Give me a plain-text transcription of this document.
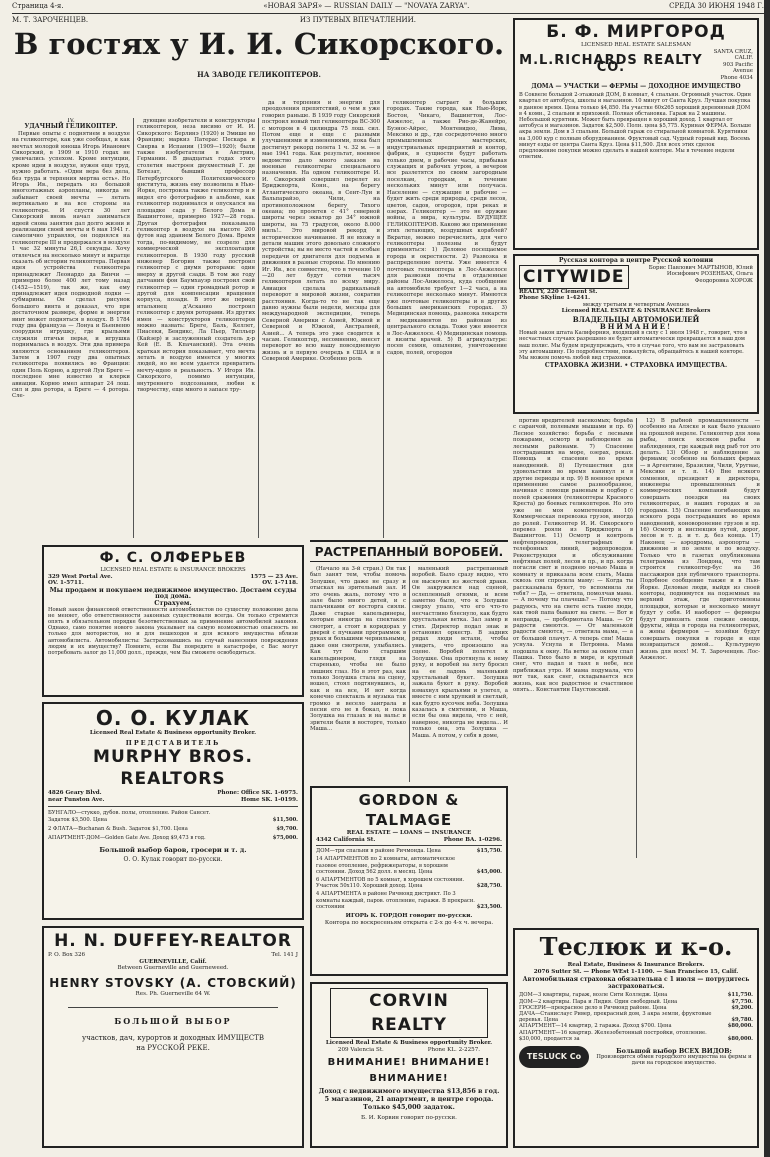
Страница 4-я.	«НОВАЯ ЗАРЯ» — RUSSIAN DAILY — "NOVAYA ZARYA".	СРЕДА 30 ИЮНЯ 1948 Г.
М. Т. ЗАРОЧЕНЦЕВ.	ИЗ ПУТЕВЫХ ВПЕЧАТЛЕНИЙ.
В гостях у И. И. Сикорского.
НА ЗАВОДЕ ГЕЛИКОПТЕРОВ.
IV.
УДАЧНЫЙ ГЕЛИКОПТЕР.

Первые опыты с поднятием в воздухе на геликоптере, как уже сообщал, и как мечтал молодой юноша Игорь Иванович Сикорский, в 1909 и 1910 годах не увенчались успехом. Кроме интуиции, кроме идеи в воздухе, нужен еще труд, нужно работать. «Одни вера без дела, без труда и терпения мертва есть». Но Игорь Ив., передать из большой многоэтажных аэропланы, никогда не забывает своей мечты — летать вертикально и на все стороны на геликоптере. И спустя 30 лет Сикорский вновь начал заниматься идеей снова занятия дал долго жизни и реализации своей мечты и 6 мая 1941 г. самолично управляя, он поднялся на геликоптере III и продержался в воздухе 1 час 32 минуты 26,1 секунды. Хочу отвлечься на несколько минут и вкратце сказать об истории геликоптера. Первая идея устройства геликоптера принадлежит Леонардо да Винчи — примерно более 400 лет тому назад (1452—1519), так же, как ему принадлежит идея подводной лодки — субмарины. Он сделал рисунок большого винта и доказал, что при достаточном размере, форме и энергии винт может подняться в воздух. В 1784 году два француза — Лонуа и Бьенвеню соорудили игрушку, где крыльями служили птичьи перья, и игрушка поднималась в воздух. Эти два примера являются основанием геликоптеров. Затем в 1907 году два опытных геликоптера появились во Франции: один Поль Корню, а другой Луи Бреге — последнее мне известно и клерки авиации. Корню имел аппарат 24 лош. сил и два ротора, а Бреге — 4 ротора. Сле-

дующие изобретатели и конструкторы геликоптеров, неза висимо от И. И. Сикорского: Берлинэ (1920) и Эмише во Франции; маркиз Патерас Пескара и Сиерва в Испании (1909—1920); были также изобретатели в Австрии, Германии. В двадцатых годах этого столетия выстроен двухместный Г. де Ботезат, бывший профессор Петербургского Политехнического института, жизнь ему позволила в Нью-Йорке, построила также геликоптер и я видел его фотографию в альбоме, как геликоптер поднимался и опускался на площадке сада у Белого Дома в Вашингтоне, примерно 1927—28 года. Другая фотография показывала геликоптер в воздухе на высоте 200 футов над зданием Белого Дома. Время тогда, по-видимому, не созрело для коммерческой эксплоатации геликоптеров. В 1930 году русский инженер Богорин также построил геликоптер с двумя роторами: один вверху и другой сзади. В том же году датчанин фон Баумхауэр построил свой геликоптер — один громадный ротор и другой для компенсации вращения корпуса, позади. В этот же период итальянец д'Асканио построил геликоптер с двумя роторами. Из других имен — конструкторов геликоптеров можно назвать: Бреге, Баль, Келлет, Пиасеки, Бендикс, Ла Пьер, Тилльер (Кайзер) и заслуженный создатель д-р Кей (Е. В. Кпачанский). Эта очень краткая история показывает, что мечта летать в воздухе имеется у многих людей, но не всем удается превратить мечту-идею в реальность. У Игоря Ив. Сикорского, помимо интуиции, внутреннего подсознания, любви к творчеству, еще много в запасе тру-

да и терпения и энергии для преодоления препятствий, о чем я уже говорил раньше. В 1939 году Сикорский построил новый тип геликоптера ВС-300 с мотором в 4 цилиндра 75 лош. сил. Потом еще и еще с разными улучшениями и изменениями, пока был достигнут рекорд полета 1 ч. 32 м. — в мае 1941 года. Как результат, военное ведомство дало много заказов на военные геликоптеры специального назначения. На одном геликоптере И. И. Сикорский совершил перелет из Бриджпорта, Конн., на берегу Атлантического океана, в Сент-Луи и Вальпарайзо, Чили, на противоположном берегу Тихого океана; по пролетев с 41° северной широты через экватор до 34° южной широты, на 75 градусов, около 8.000 миль!.. Это мировой рекорд и историческое начинание. Я не вхожу в детали машин этого довольно сложного устройства; вы не место частей и особые передачи от двигателя для подъема и движения в разные стороны. По мнению Иг. Ив., все совместно, что в течение 10—20 лет будут сотни тысяч геликоптеров летать по всему миру. Авиация сделала радикальный переворот в мировой жизни, сократив расстояния. Когда-то то не так еще давно нужны были недели, месяцы для международной экспедиции, теперь Северной Америки с Азией, Южной и Северной и Южной, Австралией, Азией... А теперь это уже сводится к часам. Геликоптер, несомненно, внесет переворот во всю нашу повседневную жизнь и в первую очередь в США и в Северной Америке. Особенно роль

геликоптер сыграет в больших городах. Такие города, как Нью-Йорк, Бостон, Чикаго, Вашингтон, Лос-Анжелос, а также Рио-де-Жанейро, Буэнос-Айрес, Монтевидео, Лима, Мексико и др., где сосредоточено много промышленных мастерских, индустриальных предприятий и контор, фабрик, в сущности будут работать только днем, в рабочие часы, прибывая служащих и рабочих утром, а вечером все разлетятся по своим загородным поселкам, городкам, в течение нескольких минут или получаса. Население — служащие и рабочие — будет жить среди природы, среди лесов, цветов, садов, огородов, при реках и озерах. Геликоптер — это не оружие войны, а мира, культуры. БУДУЩЕЕ ГЕЛИКОПТЕРОВ. Каково же применение этих летающих, воздушных кораблей? Вкратце, можно перечислить, для чего геликоптеры полезны и будут применяться: 1) Деловое посещаемое города и окрестности. 2) Развозка и распределение почты. Уже имеется 4 почтовых геликоптера в Лос-Анжелосе для развозки почты в отдаленные районы Лос-Анжелоса, куда сообщение на автомобиле требует 1—2 часа, а на геликоптере несколько минут. Имеются уже почтовые геликоптеры и в других больших американских городах. 3) Медицинская помощь, развозка лекарств и медикаментов по районам из центрального склада. Тоже уже имеется в Лос-Анжелосе. 4) Медицинская помощь и визиты врачей. 5) В агрикультуре: посев семян, опыление, уничтожение садов, полей, огородов

Б. Ф. МИРГОРОД
LICENSED REAL ESTATE SALESMAN
M.L.RICHARDS REALTY CO.
SANTA CRUZ, CALIF.
903 Pacific Avenue
Phone 4034
ДОМА — УЧАСТКИ — ФЕРМЫ — ДОХОДНОЕ ИМУЩЕСТВО
В Соквеле большой 2-этажный ДОМ, 8 комнат, 4 спальни. Огромный участок. Один квартал от автобуса, школы и магазинов. 10 минут от Санта Круз. Лучшая покупка в данное время. Цена только $4,850. На участке 60x265 хороший деревянный ДОМ в 4 комн., 2 спальни и прихожей. Полная обстановка. Гараж на 2 машины. Небольшой курятник. Может быть превращен в хороший доход. 1 квартал от автобуса и магазинов. Задаток $2,500. Полн. цена $5,775. Куриная ФЕРМА. Больше акра земли. Дом в 3 спальни. Большой гараж со стиральной комнатой. Курятники на 3,000 кур с полным оборудованием. Фруктовый сад. Чудный горный вид. Восемь минут езды от центра Санта Круз. Цена $11,500. Для всех этих сделок предложение покупки можно сделать в нашей конторе. Мы в течение недели ответим.
Русская контора в центре Русской колонии
CITYWIDE
REALTY, 220 Clement St.
Phone SKyline 1-4241.
Борис Павлович МАРТЫНОВ, Юлий Иосифович РОЗЕНБАХ, Ольга Феодоровна ХОРОЖ
между третьим и четвертым Avenues
Licensed REAL ESTATE & INSURANCE Brokers
ВЛАДЕЛЬЦЫ АВТОМОБИЛЕЙ
ВНИМАНИЕ!
Новый закон штата Калифорния, входящий в силу с 1 июля 1948 г., говорит, что в несчастных случаях разрешено не будет автоматически превращается в ваш дом ваш полис. Мы будем предупреждать, что в случае того, что вам не застраховать эту автомашину. По подробностями, пожалуйста, обращайтесь к нашей конторе. Мы можем помочь любой вид страховки.
СТРАХОВКА ЖИЗНИ. • СТРАХОВКА ИМУЩЕСТВА.
Ф. С. ОЛФЕРЬЕВ
LICENSED REAL ESTATE & INSURANCE BROKERS
329 West Portal Ave.	1575 — 23 Ave.
OV. 1-5711.	OV. 1-7118.
Мы продаем и покупаем недвижимое имущество. Достаем ссуды под дома.
Страхуем.
Новый закон финансовой ответственности автомобилистов по существу положение дела не меняет, обо ответственности законных существовали всегда. Он только стремится опять в обязательном порядке безответственных за применение автомобилей законов. Однако, само понятие нового закона указывает на самую возможностью опасность не только для мотористов, но и для пешеходов и для всякого имущества вблизи автомобилиста. Автомобилисты: Застраховавшись на случай нанесения повреждения людям и их имуществу? Помните, если Вы повредите в катастрофе, с Вас могут потребовать залог до 11,000 долл., прежде, чем Вы сможете освободиться.
О. О. КУЛАК
Licensed Real Estate & Business opportunity Broker.
ПРЕДСТАВИТЕЛЬ
MURPHY BROS. REALTORS
4826 Geary Blvd.	Phone: Office SK. 1-6975.
near Funston Ave.	Home SK. 1-0199.
БУНГАЛО—стукко, дубов. полы, отопление. Район Сансет.
Задаток $3,500. Цена	$11,500.
2 ФЛАТА—Buchanan & Bush. Задаток $1,700. Цена	$9,700.
АПАРТМЕНТ-ДОМ—Golden Gate Ave. Доход $9,473 в год.	$75,000.
Большой выбор баров, грocери и т. д.
О. О. Кулак говорит по-русски.
H. N. DUFFEY-REALTOR
P. O. Box 326	Tel. 141 J
GUERNEVILLE, Calif.
Between Guerneville and Guerneweed.
HENRY STOVSKY (А. СТОВСКИЙ)
Res. Ph. Guerneville 64 W.
БОЛЬШОЙ ВЫБОР
участков, дач, курортов и доходных ИМУЩЕСТВ на РУССКОЙ РЕКЕ.
РАСТРЕПАННЫЙ ВОРОБЕЙ.

(Начало на 3-й стран.) Он так был занят тем, чтобы помочь Золушке, что даже не сразу и отыскал на зрительный зал. И это очень жаль, потому что в зале было много детей, и с пальчиками от восторга сияли. Даже старые капельдинеры, которые никогда на спектакле смотрят, а стоят в коридорах у дверей с пучками программок в руках и большими чернильными, даже они смотрели, улыбались. Как тут было старшим капельдинером, глядя на старенько, чтобы не было лишних глаз. Но в этот раз, как только Золушка стала на сцену, вошел, стоял подтянувшись, и, как и на все, И вот когда конечно спектакль и музыка так громко и весело заиграла и песни его не в бокал, и пока Золушка на глазах и на вальс и зрители были в восторге, только Маша...

маленький растрепанный воробей. Было сразу видно, что он выскочил из жесткой драки. Он закружился над сценой, ослепленный огнями, и всем заметно было, что к Золушке сверху упало, что его что-то несчастливо блеснуло, как будто хрустальная ветка. Зал замер и стих. Директор подал знак и остановил оркестр. В задних рядах люди встали, чтобы увидеть, что произошло на сцене. Воробей полетел к Золушке. Она протянула к нему руку, и воробей на лету бросил на ее ладонь маленький хрустальный букет. Золушка зажала букет в руку. Воробей взмахнул крыльями и улетел, а вместе с ним хрупкий и светлый, как будто кусочек неба. Золушка казалась в смятении, и Маша, если бы она видела, что с ней, наверное, никогда не видела... И только она, эта Золушка — Маша. А потом, у себя в доме,

против вредителей насекомых; борьба с саранчой, полевыми мышами и пр. 6) Лесное хозяйство: борьба с лесными пожарами, осмотр и наблюдения за лесными районами. 7) Спасение пострадавших на море, озерах, реках. Помощь и спасение во время наводнений. 8) Путешествия для удовольствия во время каникул и в другие периоды и пр. 9) В военное время применение самое разнообразное, начиная с помощи раненым и подбор с полей сражения (геликоптеры Красного Креста) до боевых геликоптеров. Но это уже не моя компетенция. 10) Коммерческая перевозка грузов, иногда до ролей. Геликоптер И. И. Сикорского перевез рояли из Бриджпорта в Вашингтон. 11) Осмотр и контроль нефтепроводов, телеграфных и телефонных линий, водопроводов. Реконструкция и обслуживание нефтяных полей, лесов и пр., и пр. когда погасли свет и позднею ночью Маша в комнату и приказала всем спать, Маша сквозь сон спросила маму: — Когда ты рассказывала букет, то вспомнила ли тебя? — Да, — ответила, помолчав мама. — А почему ты плачешь? — Потому что радуюсь, что на свете есть такие люди, как твой папа бывают на свете. — Вот и неправда, — пробормотала Маша. — От радости смеются. — От маленькой радости смеются, — ответила мама, — а от большой плачут. А теперь спи! Маша уснула. Уснула и Петровна. Мама подошла к окну. На ветке за окном спал Пашка. Тихо было в мире, и крупный снег, что падал и таял в небе, все приближал утро. И мама подумала, что вот так, как снег, складывается вся жизнь, как все радостное и счастливое опять... Константин Паустовский.

12) В рыбной промышленности — особенно на Аляске и как было указано на прошлой неделе. Геликоптер для лова рыбы, поиск косяков рыбы и наблюдения, где каждый вид рыб тот это делать. 13) Обзор и наблюдение за фермами; особенно на больших фермах — в Аргентине, Бразилии, Чили, Уругвае, Мексике и т. п. 14) Вне всякого сомнения, президент и директора, инженеры промышленных и коммерческих компаний будут совершать поездки на своих геликоптерах, в наших городах и за городами. 15) Спасение погибающих на всякого рода пострадавших во время наводнений, коноворонение грузов и пр. 16) Осмотр и инспекция путей, дорог, лесов и т. д. и т. д. без конца. 17) Наконец — аэродромы, аэропорты — движение и по земле и по воздуху. Только что в газетах опубликована телеграмма из Лондона, что там строится геликоптер-бус на 36 пассажиров для публичного транспорта. Подобное сообщение также и в Нью-Йорке. Деловые люди, выйдя из своей конторы, поднимутся на подземных на верхний этаж, где приготовлены площадки, которые и несколько минут будут у себя. И наоборот — фермеры будут привозить свои свежие овощи, фрукты, яйца в города на геликоптерах, а жены фермеров — хозяйки будут совершать покупки в городе и еще возвращаться домой... Культурную жизнь для всех! М. Т. Зароченцев. Лос-Анжелос.

GORDON & TALMAGE
REAL ESTATE — LOANS — INSURANCE
4342 California St.	Phone BA. 1-0296.
ДОМ—три спальни в районе Ричмонда. Цена	$15,750.
14 АПАРТМЕНТОВ по 2 комнаты, автоматическое газовое отопление, рефрижераторы, в хорошем состоянии. Доход 562 долл. в месяц. Цена	$45,000.
6 АПАРТМЕНТОВ по 5 комнат, в хорошем состоянии. Участок 50x110. Хороший доход. Цена	$28,750.
4 АПАРТМЕНТА в районе Ричмонд дистрикт. По 3 комнаты каждый, паров. отопление, гаражи. В прекрасн. состоянии	$23,500.
ИГОРЬ К. ГОРДОН говорит по-русски.
Контора по воскресеньям открыта с 2-х до 4-х ч. вечера.
CORVIN REALTY
Licensed Real Estate & Business opportunity Broker.
209 Valencia St.	Phone KL. 2-2257.
ВНИМАНИЕ! ВНИМАНИЕ! ВНИМАНИЕ!
Доход с недвижимого имущества $13,856 в год. 5 магазинов, 21 апартмент, в центре города. Только $45,000 задаток.
Б. И. Корвин говорит по-русски.
Теслюк и к-о.
Real Estate, Business & Insurance Brokers.
2076 Sutter St. — Phone WEst 1-1100. — San Francisco 15, Calif.
Автомобильная страховка обязательна с 1 июля — потрудитесь застраховаться.
ДОМ—3 квартиры, гараж, возле Сити Колледж. Цена	$11,750.
ДОМ—2 квартиры. Пара и Лидия. Один свободный. Цена	$7,750.
ГРОСЕРИ—прекрасное дело в Ричмонд районе. Цена	$9,200.
ДАЧА—Станислаус Ривер, прекрасный дом, 3 акра земли, фруктовые деревья. Цена	$9,780.
АПАРТМЕНТ—14 квартир, 2 гаража. Доход $700. Цена	$80,000.
АПАРТМЕНТ—16 квартир. Железобетонный постройки, отопление. $30,000, продается за	$80,000.
TESLUCK Co
Большой выбор ВСЕХ ВИДОВ:
Производится обмен городского имущества на фермы и дачи на городское имущество.
